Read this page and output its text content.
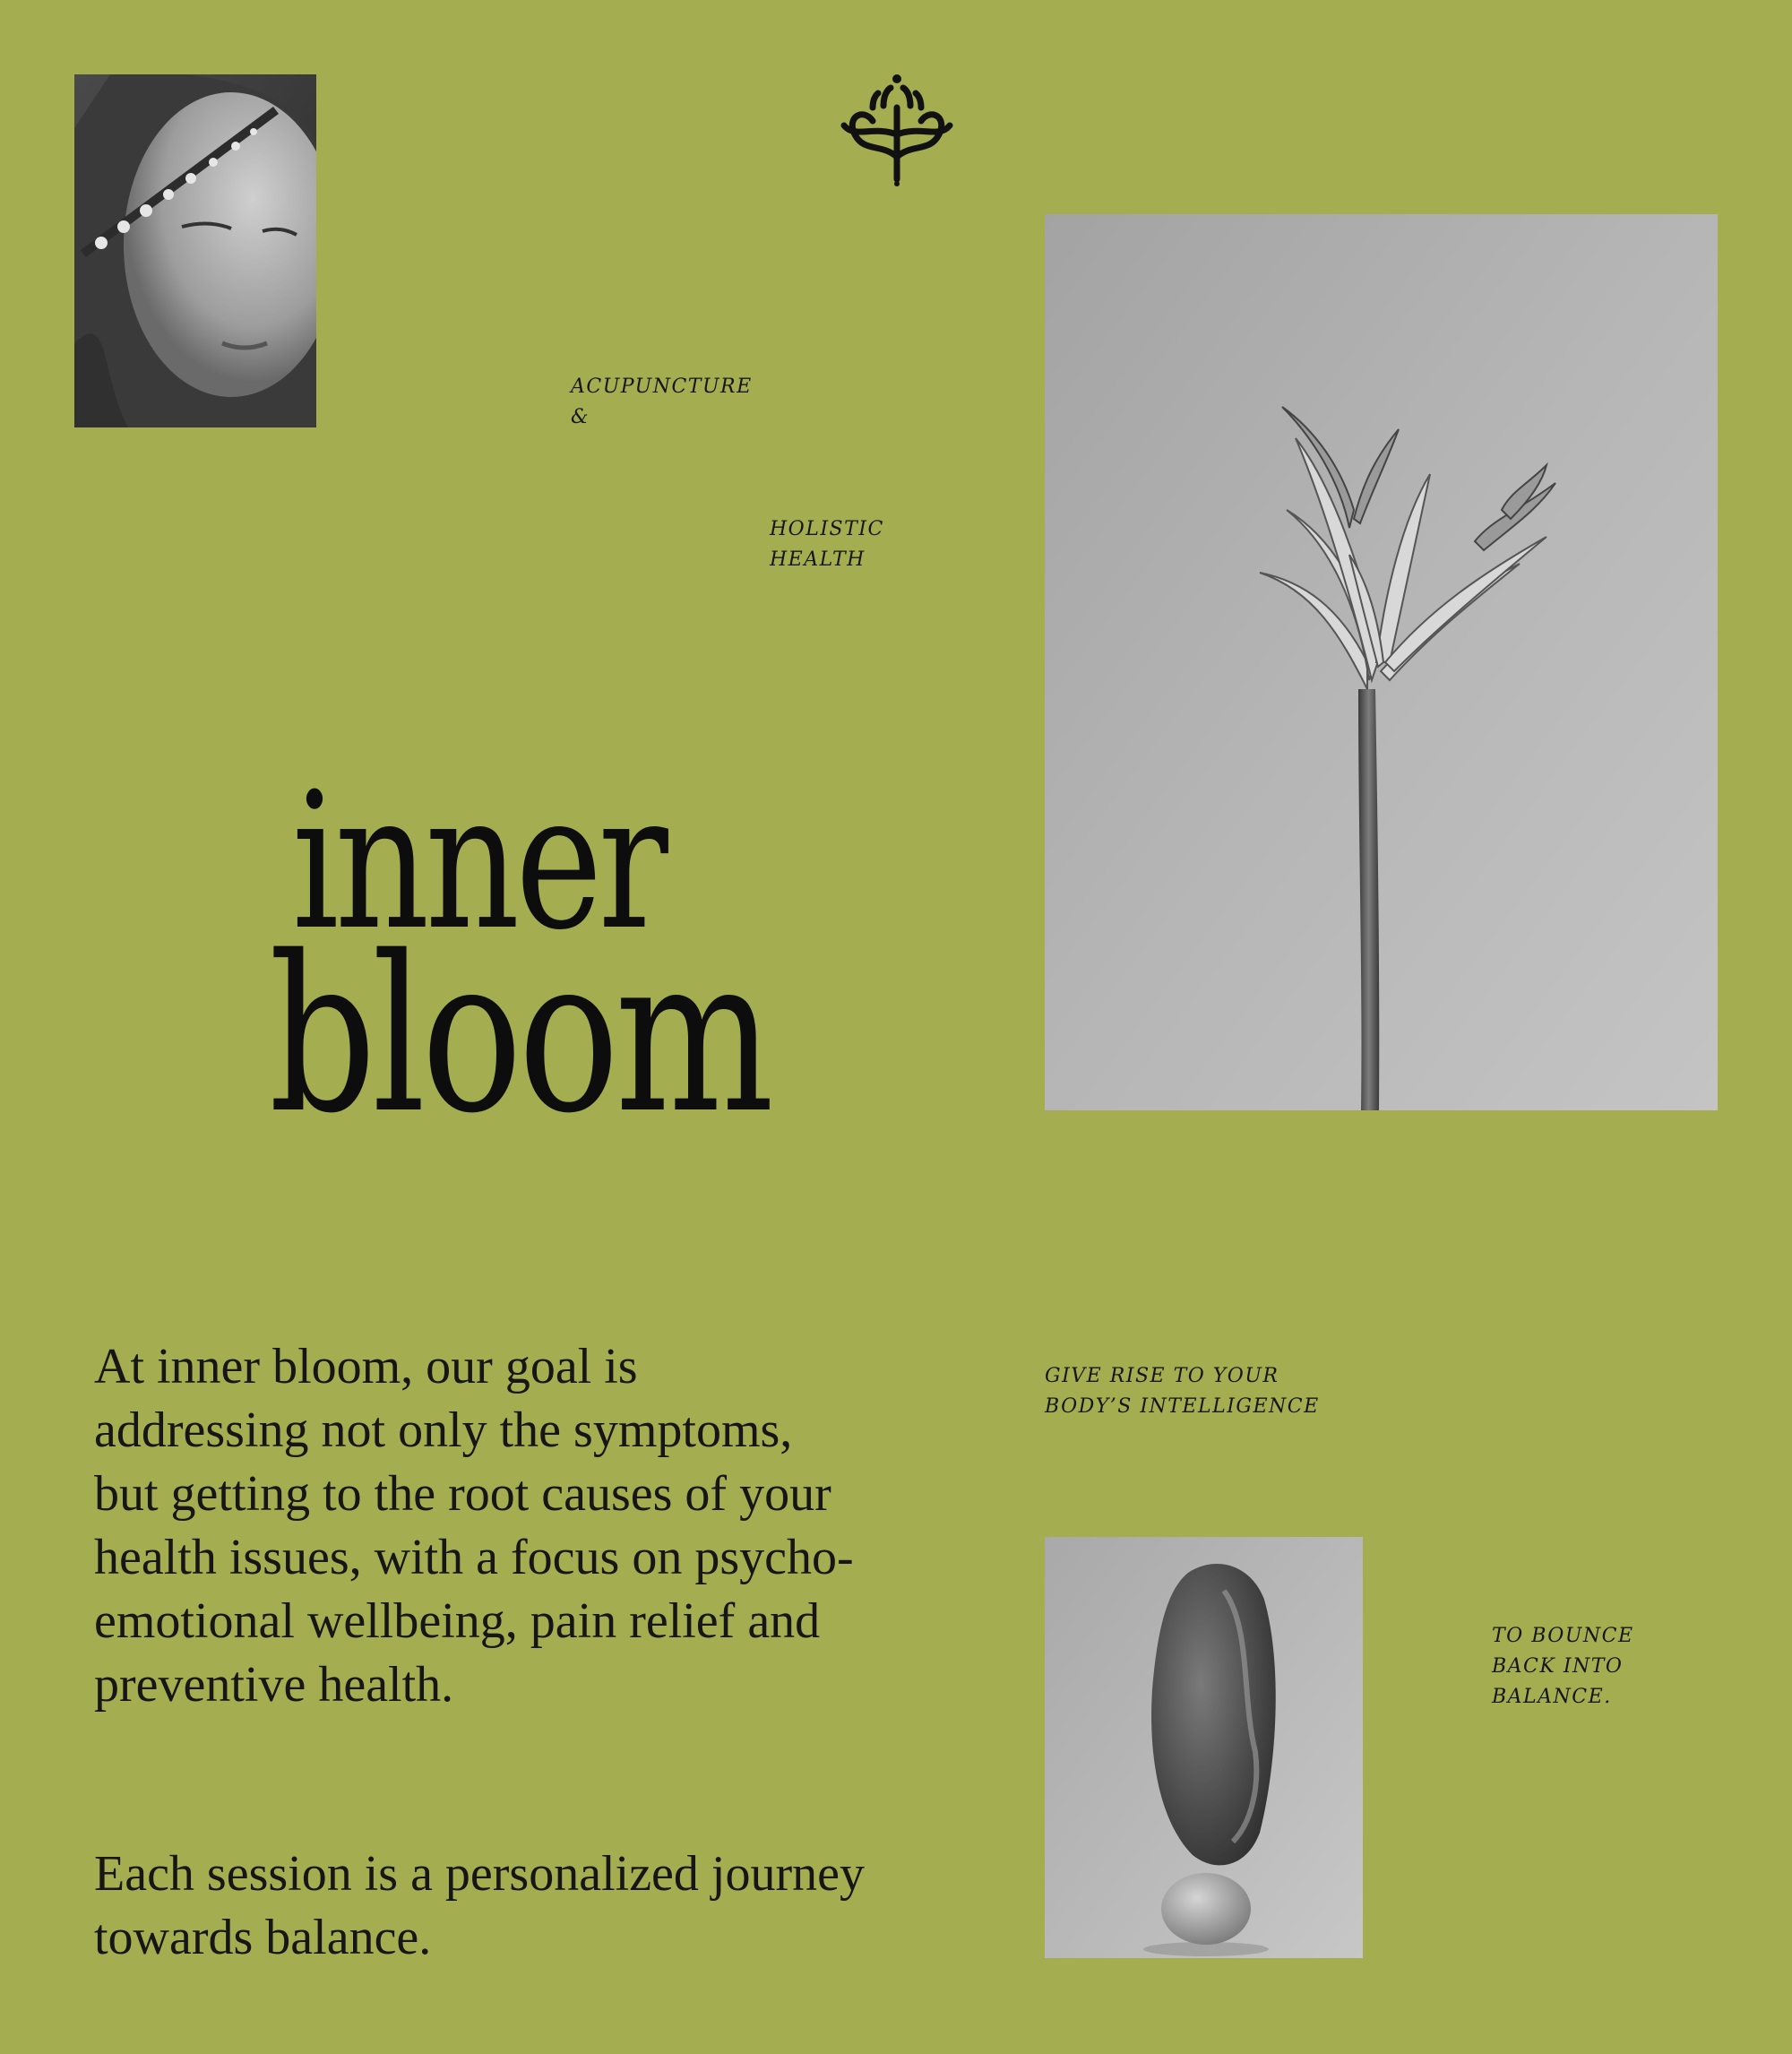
ACUPUNCTURE
&

HOLISTIC
HEALTH

inner
bloom

At inner bloom, our goal is addressing not only the symptoms, but getting to the root causes of your health issues, with a focus on psycho-emotional wellbeing, pain relief and preventive health.

Each session is a personalized journey towards balance.

GIVE RISE TO YOUR
BODY’S INTELLIGENCE

TO BOUNCE
BACK INTO
BALANCE.
